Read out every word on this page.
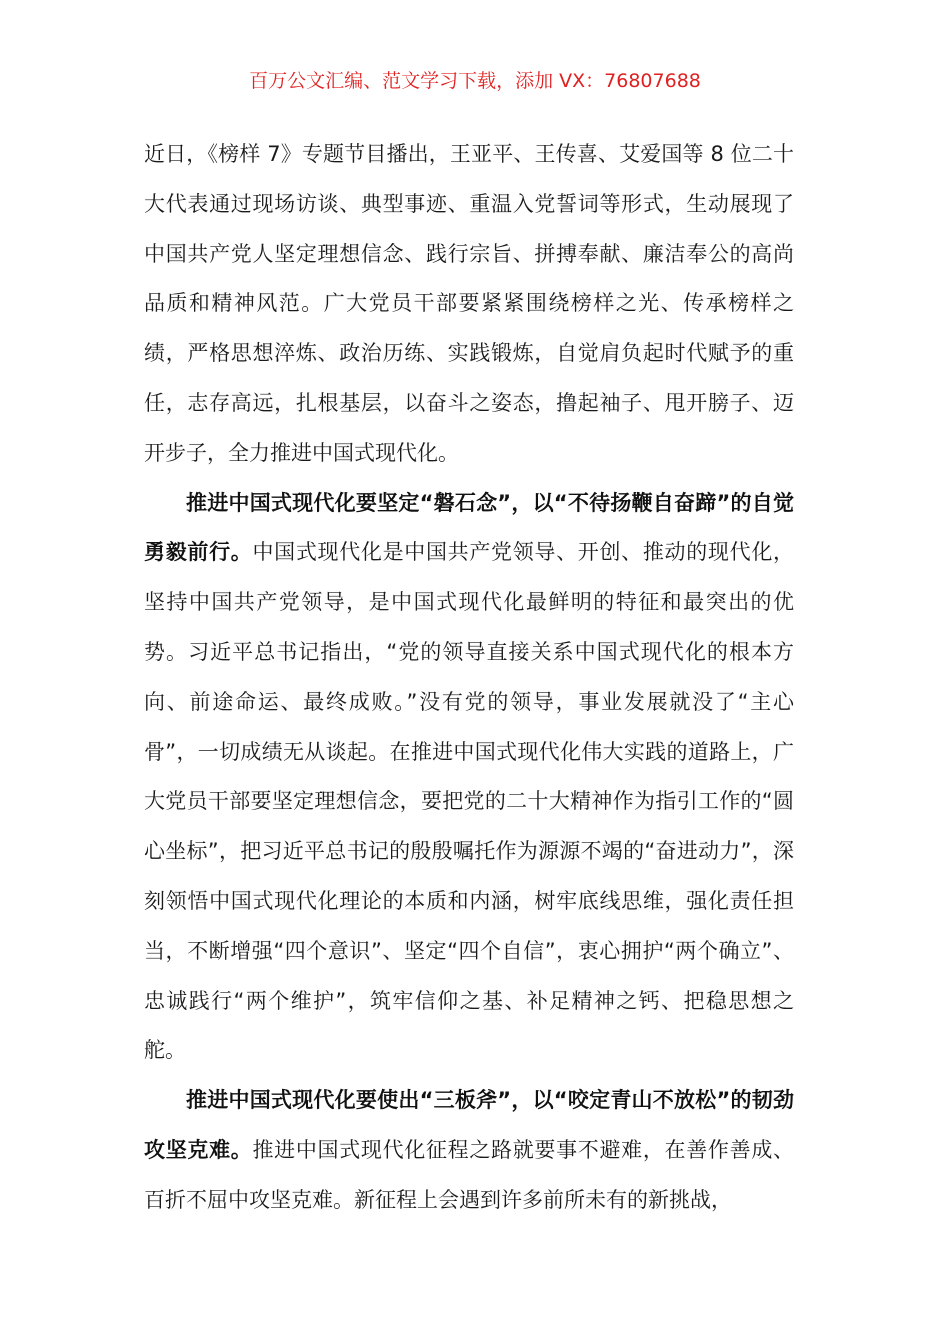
百万公文汇编、范文学习下载，添加 VX：76807688

近日，《榜样 7》专题节目播出，王亚平、王传喜、艾爱国等 8 位二十大代表通过现场访谈、典型事迹、重温入党誓词等形式，生动展现了中国共产党人坚定理想信念、践行宗旨、拼搏奉献、廉洁奉公的高尚品质和精神风范。广大党员干部要紧紧围绕榜样之光、传承榜样之绩，严格思想淬炼、政治历练、实践锻炼，自觉肩负起时代赋予的重任，志存高远，扎根基层，以奋斗之姿态，撸起袖子、甩开膀子、迈开步子，全力推进中国式现代化。

推进中国式现代化要坚定“磐石念”，以“不待扬鞭自奋蹄”的自觉勇毅前行。中国式现代化是中国共产党领导、开创、推动的现代化，坚持中国共产党领导，是中国式现代化最鲜明的特征和最突出的优势。习近平总书记指出，“党的领导直接关系中国式现代化的根本方向、前途命运、最终成败。”没有党的领导，事业发展就没了“主心骨”，一切成绩无从谈起。在推进中国式现代化伟大实践的道路上，广大党员干部要坚定理想信念，要把党的二十大精神作为指引工作的“圆心坐标”，把习近平总书记的殷殷嘱托作为源源不竭的“奋进动力”，深刻领悟中国式现代化理论的本质和内涵，树牢底线思维，强化责任担当，不断增强“四个意识”、坚定“四个自信”，衷心拥护“两个确立”、忠诚践行“两个维护”，筑牢信仰之基、补足精神之钙、把稳思想之舵。

推进中国式现代化要使出“三板斧”，以“咬定青山不放松”的韧劲攻坚克难。推进中国式现代化征程之路就要事不避难，在善作善成、百折不屈中攻坚克难。新征程上会遇到许多前所未有的新挑战，
